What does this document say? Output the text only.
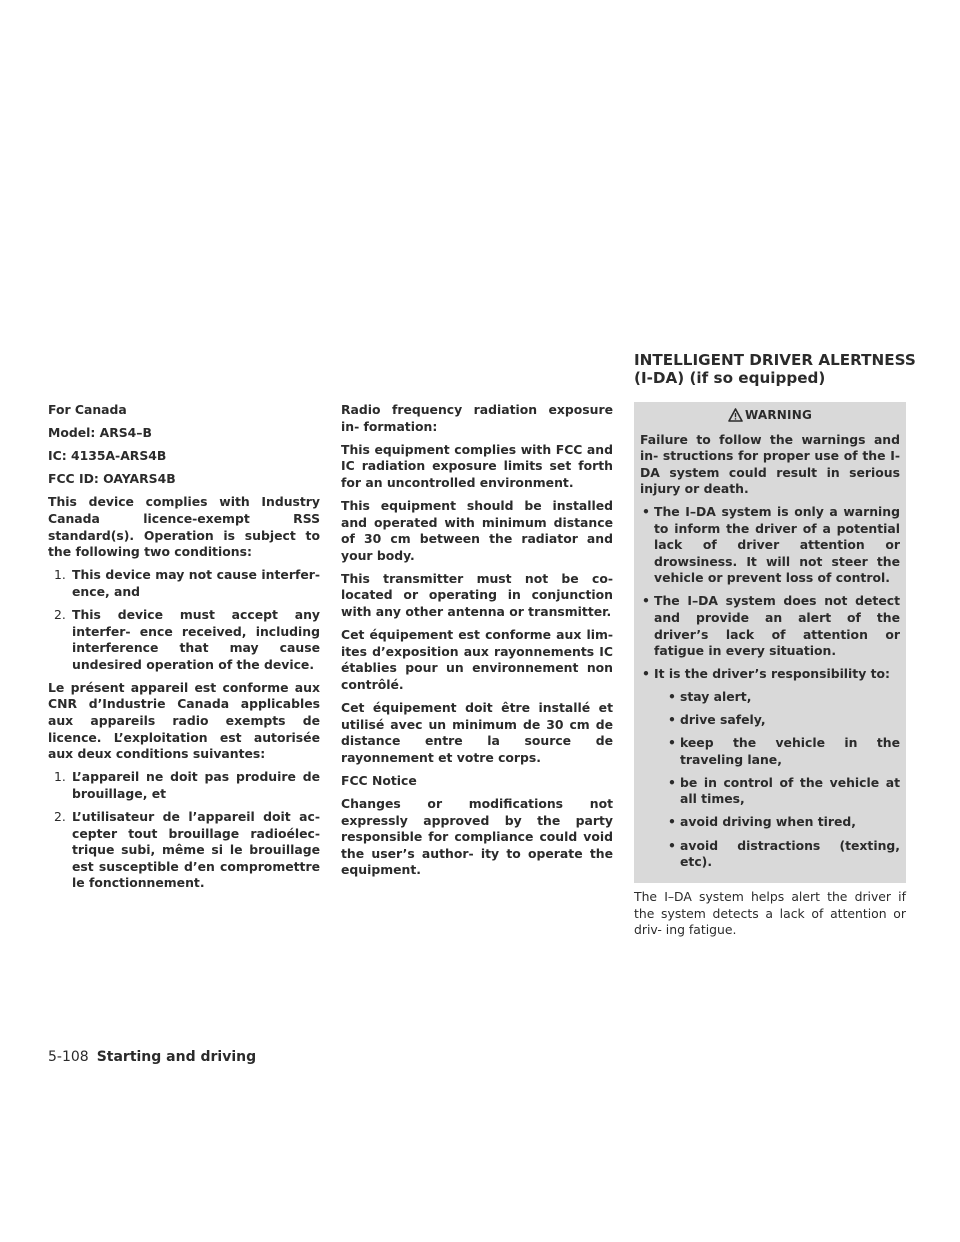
For Canada

Model: ARS4–B

IC: 4135A-ARS4B

FCC ID: OAYARS4B

This device complies with Industry Canada licence-exempt RSS standard(s). Operation is subject to the following two conditions:

1. This device may not cause interfer- ence, and
2. This device must accept any interfer- ence received, including interference that may cause undesired operation of the device.

Le présent appareil est conforme aux CNR d’Industrie Canada applicables aux appareils radio exempts de licence. L’exploitation est autorisée aux deux conditions suivantes:

1. L’appareil ne doit pas produire de brouillage, et
2. L’utilisateur de l’appareil doit ac- cepter tout brouillage radioélec- trique subi, même si le brouillage est susceptible d’en compromettre le fonctionnement.

Radio frequency radiation exposure in- formation:

This equipment complies with FCC and IC radiation exposure limits set forth for an uncontrolled environment.

This equipment should be installed and operated with minimum distance of 30 cm between the radiator and your body.

This transmitter must not be co-located or operating in conjunction with any other antenna or transmitter.

Cet équipement est conforme aux lim- ites d’exposition aux rayonnements IC établies pour un environnement non contrôlé.

Cet équipement doit être installé et utilisé avec un minimum de 30 cm de distance entre la source de rayonnement et votre corps.

FCC Notice

Changes or modifications not expressly approved by the party responsible for compliance could void the user’s author- ity to operate the equipment.

INTELLIGENT DRIVER ALERTNESS
(I-DA) (if so equipped)
WARNING

Failure to follow the warnings and in- structions for proper use of the I-DA system could result in serious injury or death.

• The I–DA system is only a warning to inform the driver of a potential lack of driver attention or drowsiness. It will not steer the vehicle or prevent loss of control.
• The I–DA system does not detect and provide an alert of the driver’s lack of attention or fatigue in every situation.
• It is the driver’s responsibility to:
• stay alert,
• drive safely,
• keep the vehicle in the traveling lane,
• be in control of the vehicle at all times,
• avoid driving when tired,
• avoid distractions (texting, etc).

The I–DA system helps alert the driver if the system detects a lack of attention or driv- ing fatigue.

5-108 Starting and driving
